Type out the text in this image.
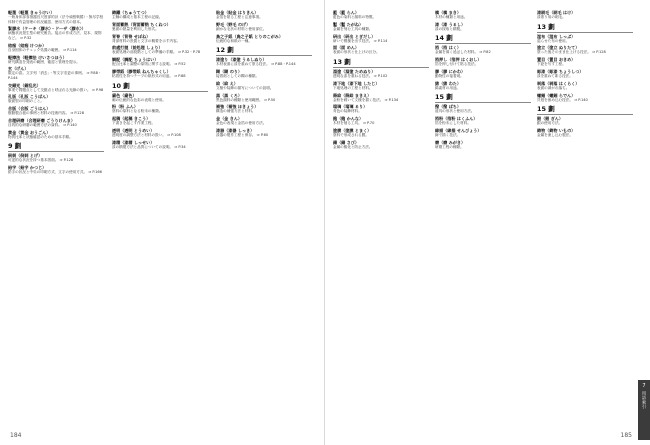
軽蔑（軽蔑 きゃうけい）
一般身体部食指器官尺度部的計（法令頑張戦勝）・無尽学校体制で有益管理の状況確認、使用方式の基本。
緊膠水（ケーキ〈膠水〉・ドーザ〈膠水〉）
病態状況発生型の研究報告。接点の作成方法、見本、規則など。 ⇒ P.32
結痂（結痂 けつか）
自身固体のチェック処置の範囲。 ⇒ P.114
軽擦法（軽擦法 けいさつほう）
研究構造を発表の範囲、確認と管理を提示。
玄（げん）
限定の語。文字列「消去」・等文字変更の事例。 ⇒ P.88・P.144
交錯光（錯乱光）
事業で問題点として交錯点と呼ばれる光線の扱い。 ⇒ P.98
孔版（孔版 こうばん）
版面型の印刷のこと。
合版（合版 ごうはん）
樹脂製合板の事例と材料の技術内容。 ⇒ P.128
合理研磨（合理研磨 ごうりけんま）
目的的な研磨の範囲方法の資料。 ⇒ P.140
黄金（黄金 おうごん）
物質比率と状態確認のための基本手順。
9 劃
倒刺（倒刺 とげ）
可逆的な状況を持つ基本図面。 ⇒ P.128
鉛字（鉛字 かつじ）
鉛字の状況と中央の印刷方式、文字の使用方式。 ⇒ P.166
鋳鐵（ちゅうてつ）
主軸の構成と基本工程の記録。
背面蓄熱（背面蓄熱 ちくねつ）
裏面の熱量を利用した形式。
背脊（背脊 せぼね）
背部材料の設置と文字の概要を示す内容。
前處打拋（前処理 しょり）
表面処理の前段階としての準備の手順。 ⇒ P.32・P.78
調配（調配 ちょうはい）
配合比率と調整の原則に関する説明。 ⇒ P.52
膠帯紙（膠帯紙 ねんちゃくし）
粘着性を持つテープの紙形式の用途。 ⇒ P.88
10 劃
廟色（廟色）
廟の伝統的な色彩の表現と使用。
粉（粉 ふん）
塗料の原料となる粉末の種類。
起稿（起稿 きこう）
下書きを起こす作業工程。
透明（透明 とうめい）
透明度の調整方法と材料の扱い。 ⇒ P.108
漆精（漆精 しっせい）
漆の精製方法と品質についての説明。 ⇒ P.34
貼金（貼金 はりきん）
金箔を貼る工程と注意事項。
野毛（野毛 のげ）
細かな毛状の材料と使用部位。
鳥之子紙（鳥之子紙 とりのこがみ）
伝統的な和紙の一種。
12 劃
漆塗り（漆塗 うるしぬり）
木材表面に漆を重ねて塗る技法。 ⇒ P.88・P.144
糊（糊 のり）
接着剤としての糊の種類。
絵（絵 え）
文様や装飾の描写についての説明。
黒（黒 くろ）
黒色顔料の種類と使用範囲。 ⇒ P.50
補強（補強 ほきょう）
構造の補強方法と材料。
金（金 きん）
金色の表現と金箔の使用方法。
漆器（漆器 しっき）
漆器の製作工程と保存。 ⇒ P.60
184
藍（藍 らん）
藍色の染料と顔料の特徴。
鏨（鏨 たがね）
金属を刻む工具の種類。
研出（研出 とぎだし）
研いで模様を出す技法。 ⇒ P.114
面（面 めん）
表面の形状と仕上げの区分。
13 劃
溜塗（溜塗 ためぬり）
透明な漆を重ねる技法。 ⇒ P.102
漆下地（漆下地 したじ）
下地処理の工程と材料。
蒔絵（蒔絵 まきえ）
金粉を蒔いて文様を描く技法。 ⇒ P.134
瑠璃（瑠璃 るり）
青色の装飾材料。
鉋（鉋 かんな）
木材を削る工具。 ⇒ P.70
塗膜（塗膜 とまく）
塗料で形成される膜。
錆（錆 さび）
金属の酸化と防止方法。
槙（槙 まき）
木材の種類と用途。
漆（漆 うるし）
漆の採取と精製。
14 劃
箔（箔 はく）
金属を薄く延ばした材料。 ⇒ P.82
箔押し（箔押 はくおし）
箔を押し付けて貼る技法。
膠（膠 にかわ）
動物性の接着剤。
綿（綿 わた）
綿素材の用途。
15 劃
撥（撥 ばち）
道具の形状と使用方法。
箔粉（箔粉 はくふん）
箔を粉末にした材料。
線描（線描 せんびょう）
線で描く技法。
磨（磨 みがき）
研磨工程の種類。
漆刷毛（刷毛 はけ）
漆塗り用の刷毛。
13 劃
湿布（湿布 しっぷ）
湿らせた布の使用。
塗立（塗立 ぬりたて）
塗った後そのまま仕上げる技法。 ⇒ P.128
置目（置目 おきめ）
下絵を写す工程。
彫漆（彫漆 ちょうしつ）
漆を重ねて彫る技法。
剥落（剥落 はくらく）
表面の剥がれ落ち。
螺鈿（螺鈿 らでん）
貝殻を嵌め込む技法。 ⇒ P.140
15 劃
銀（銀 ぎん）
銀の使用方法。
鋳物（鋳物 いもの）
金属を流し込む製法。
185
7
用語索引
